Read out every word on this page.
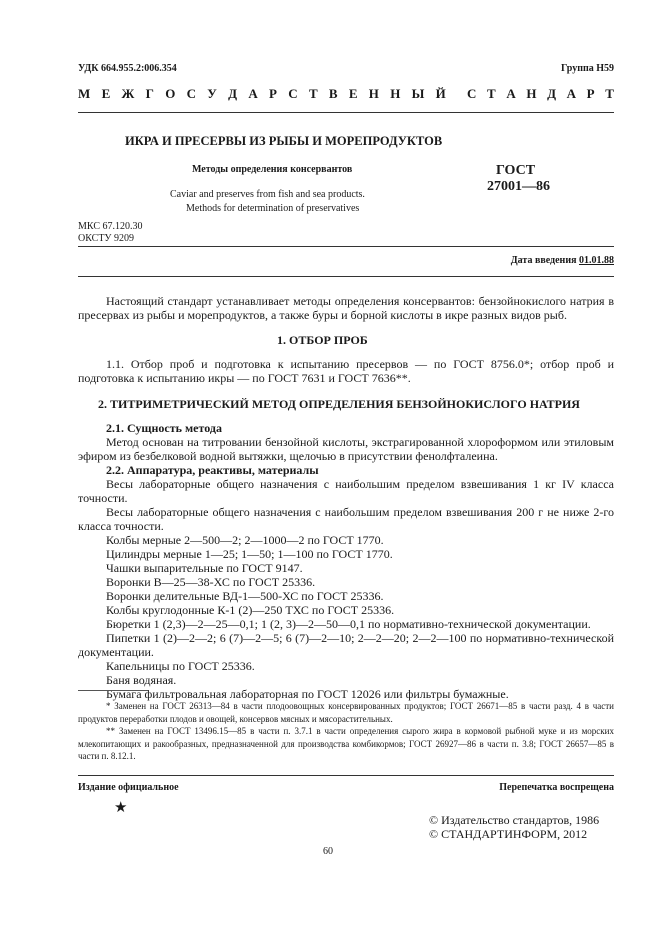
УДК 664.955.2:006.354	Группа Н59
М Е Ж Г О С У Д А Р С Т В Е Н Н Ы Й С Т А Н Д А Р Т
ИКРА И ПРЕСЕРВЫ ИЗ РЫБЫ И МОРЕПРОДУКТОВ
Методы определения консервантов
Caviar and preserves from fish and sea products.
Methods for determination of preservatives
ГОСТ
27001—86
МКС 67.120.30
ОКСТУ 9209
Дата введения 01.01.88

Настоящий стандарт устанавливает методы определения консервантов: бензойнокислого натрия в пресервах из рыбы и морепродуктов, а также буры и борной кислоты в икре разных видов рыб.

1. ОТБОР ПРОБ

1.1. Отбор проб и подготовка к испытанию пресервов — по ГОСТ 8756.0*; отбор проб и подготовка к испытанию икры — по ГОСТ 7631 и ГОСТ 7636**.

2. ТИТРИМЕТРИЧЕСКИЙ МЕТОД ОПРЕДЕЛЕНИЯ БЕНЗОЙНОКИСЛОГО НАТРИЯ

2.1. Сущность метода

Метод основан на титровании бензойной кислоты, экстрагированной хлороформом или этиловым эфиром из безбелковой водной вытяжки, щелочью в присутствии фенолфталеина.

2.2. Аппаратура, реактивы, материалы

Весы лабораторные общего назначения с наибольшим пределом взвешивания 1 кг IV класса точности.

Весы лабораторные общего назначения с наибольшим пределом взвешивания 200 г не ниже 2-го класса точности.

Колбы мерные 2—500—2; 2—1000—2 по ГОСТ 1770.

Цилиндры мерные 1—25; 1—50; 1—100 по ГОСТ 1770.

Чашки выпарительные по ГОСТ 9147.

Воронки В—25—38-ХС по ГОСТ 25336.

Воронки делительные ВД-1—500-ХС по ГОСТ 25336.

Колбы круглодонные К-1 (2)—250 ТХС по ГОСТ 25336.

Бюретки 1 (2,3)—2—25—0,1; 1 (2, 3)—2—50—0,1 по нормативно-технической документации.

Пипетки 1 (2)—2—2; 6 (7)—2—5; 6 (7)—2—10; 2—2—20; 2—2—100 по нормативно-технической документации.

Капельницы по ГОСТ 25336.

Баня водяная.

Бумага фильтровальная лабораторная по ГОСТ 12026 или фильтры бумажные.

* Заменен на ГОСТ 26313—84 в части плодоовощных консервированных продуктов; ГОСТ 26671—85 в части разд. 4 в части продуктов переработки плодов и овощей, консервов мясных и мясорастительных.

** Заменен на ГОСТ 13496.15—85 в части п. 3.7.1 в части определения сырого жира в кормовой рыбной муке и из морских млекопитающих и ракообразных, предназначенной для производства комбикормов; ГОСТ 26927—86 в части п. 3.8; ГОСТ 26657—85 в части п. 8.12.1.

Издание официальное	Перепечатка воспрещена
★
© Издательство стандартов, 1986
© СТАНДАРТИНФОРМ, 2012
60
